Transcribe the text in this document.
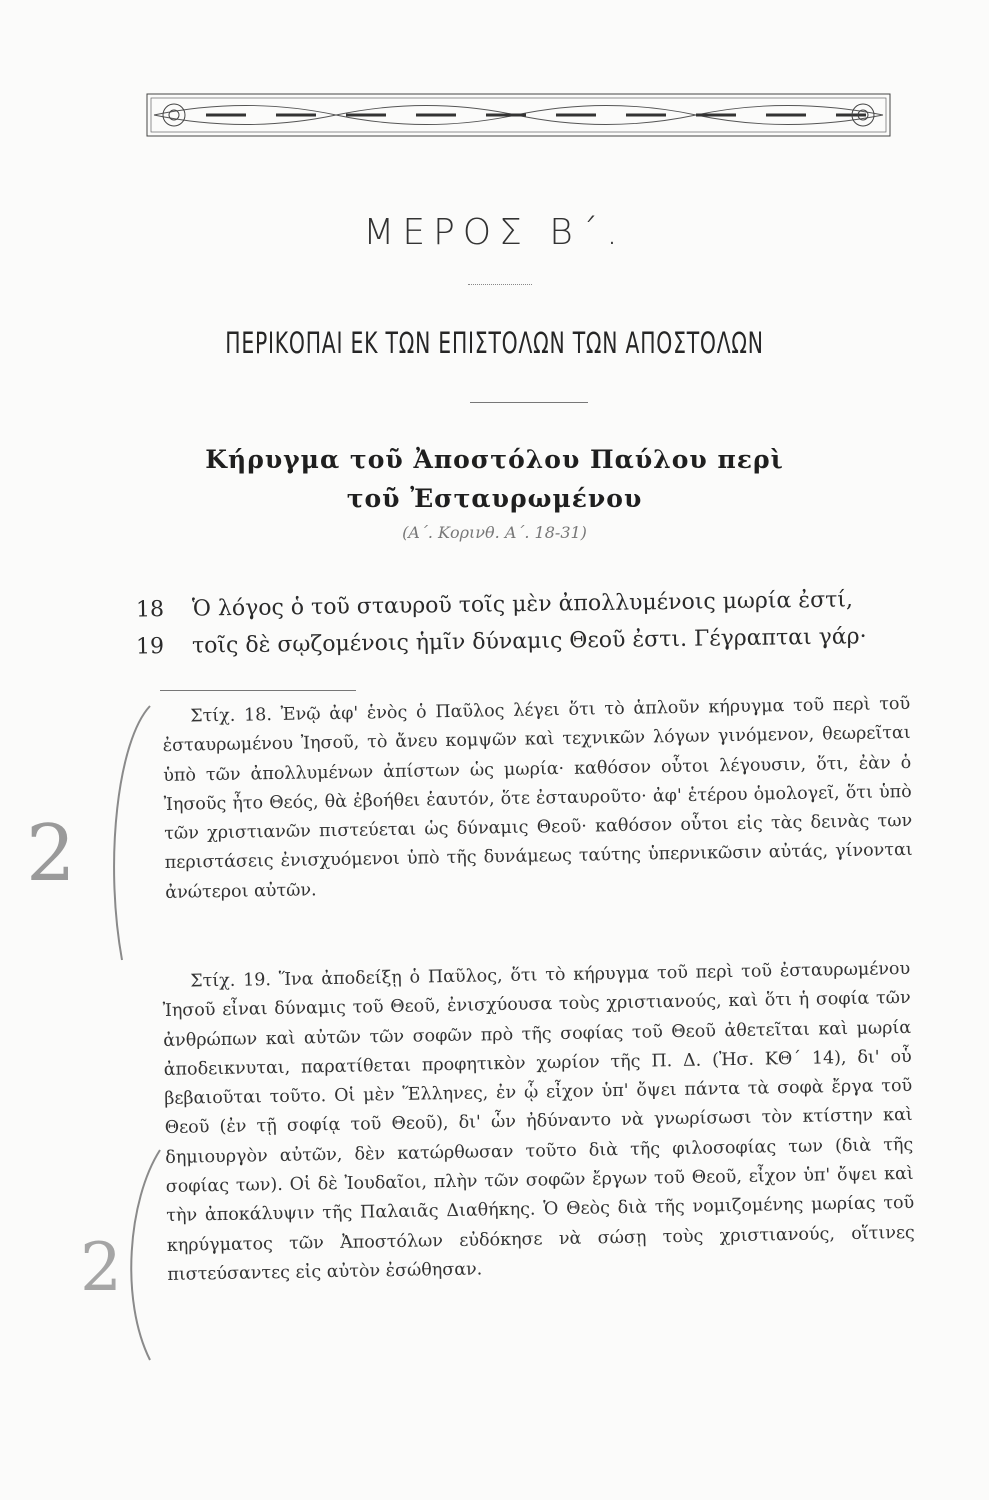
ΜΕΡΟΣ Β΄.
ΠΕΡΙΚΟΠΑΙ ΕΚ ΤΩΝ ΕΠΙΣΤΟΛΩΝ ΤΩΝ ΑΠΟΣΤΟΛΩΝ
Κήρυγμα τοῦ Ἀποστόλου Παύλου περὶ
τοῦ Ἐσταυρωμένου
(Α΄. Κορινθ. Α΄. 18-31)
18 Ὁ λόγος ὁ τοῦ σταυροῦ τοῖς μὲν ἀπολλυμένοις μωρία ἐστί,
19 τοῖς δὲ σῳζομένοις ἡμῖν δύναμις Θεοῦ ἐστι. Γέγραπται γάρ·

Στίχ. 18. Ἐνῷ ἀφ' ἑνὸς ὁ Παῦλος λέγει ὅτι τὸ ἁπλοῦν κήρυγμα τοῦ περὶ τοῦ ἐσταυρωμένου Ἰησοῦ, τὸ ἄνευ κομψῶν καὶ τεχνικῶν λόγων γινόμενον, θεωρεῖται ὑπὸ τῶν ἀπολλυμένων ἀπίστων ὡς μωρία· καθόσον οὗτοι λέγουσιν, ὅτι, ἐὰν ὁ Ἰησοῦς ἦτο Θεός, θὰ ἐβοήθει ἑαυτόν, ὅτε ἐσταυροῦτο· ἀφ' ἑτέρου ὁμολογεῖ, ὅτι ὑπὸ τῶν χριστιανῶν πιστεύεται ὡς δύναμις Θεοῦ· καθόσον οὗτοι εἰς τὰς δεινὰς των περιστάσεις ἐνισχυόμενοι ὑπὸ τῆς δυνάμεως ταύτης ὑπερνικῶσιν αὐτάς, γίνονται ἀνώτεροι αὐτῶν.

Στίχ. 19. Ἵνα ἀποδείξῃ ὁ Παῦλος, ὅτι τὸ κήρυγμα τοῦ περὶ τοῦ ἐσταυρωμένου Ἰησοῦ εἶναι δύναμις τοῦ Θεοῦ, ἐνισχύουσα τοὺς χριστιανούς, καὶ ὅτι ἡ σοφία τῶν ἀνθρώπων καὶ αὐτῶν τῶν σοφῶν πρὸ τῆς σοφίας τοῦ Θεοῦ ἀθετεῖται καὶ μωρία ἀποδεικνυται, παρατίθεται προφητικὸν χωρίον τῆς Π. Δ. (Ἠσ. ΚΘ΄ 14), δι' οὗ βεβαιοῦται τοῦτο. Οἱ μὲν Ἕλληνες, ἐν ᾧ εἶχον ὑπ' ὄψει πάντα τὰ σοφὰ ἔργα τοῦ Θεοῦ (ἐν τῇ σοφίᾳ τοῦ Θεοῦ), δι' ὧν ἠδύναντο νὰ γνωρίσωσι τὸν κτίστην καὶ δημιουργὸν αὐτῶν, δὲν κατώρθωσαν τοῦτο διὰ τῆς φιλοσοφίας των (διὰ τῆς σοφίας των). Οἱ δὲ Ἰουδαῖοι, πλὴν τῶν σοφῶν ἔργων τοῦ Θεοῦ, εἶχον ὑπ' ὄψει καὶ τὴν ἀποκάλυψιν τῆς Παλαιᾶς Διαθήκης. Ὁ Θεὸς διὰ τῆς νομιζομένης μωρίας τοῦ κηρύγματος τῶν Ἀποστόλων εὐδόκησε νὰ σώσῃ τοὺς χριστιανούς, οἵτινες πιστεύσαντες εἰς αὐτὸν ἐσώθησαν.

2
2
